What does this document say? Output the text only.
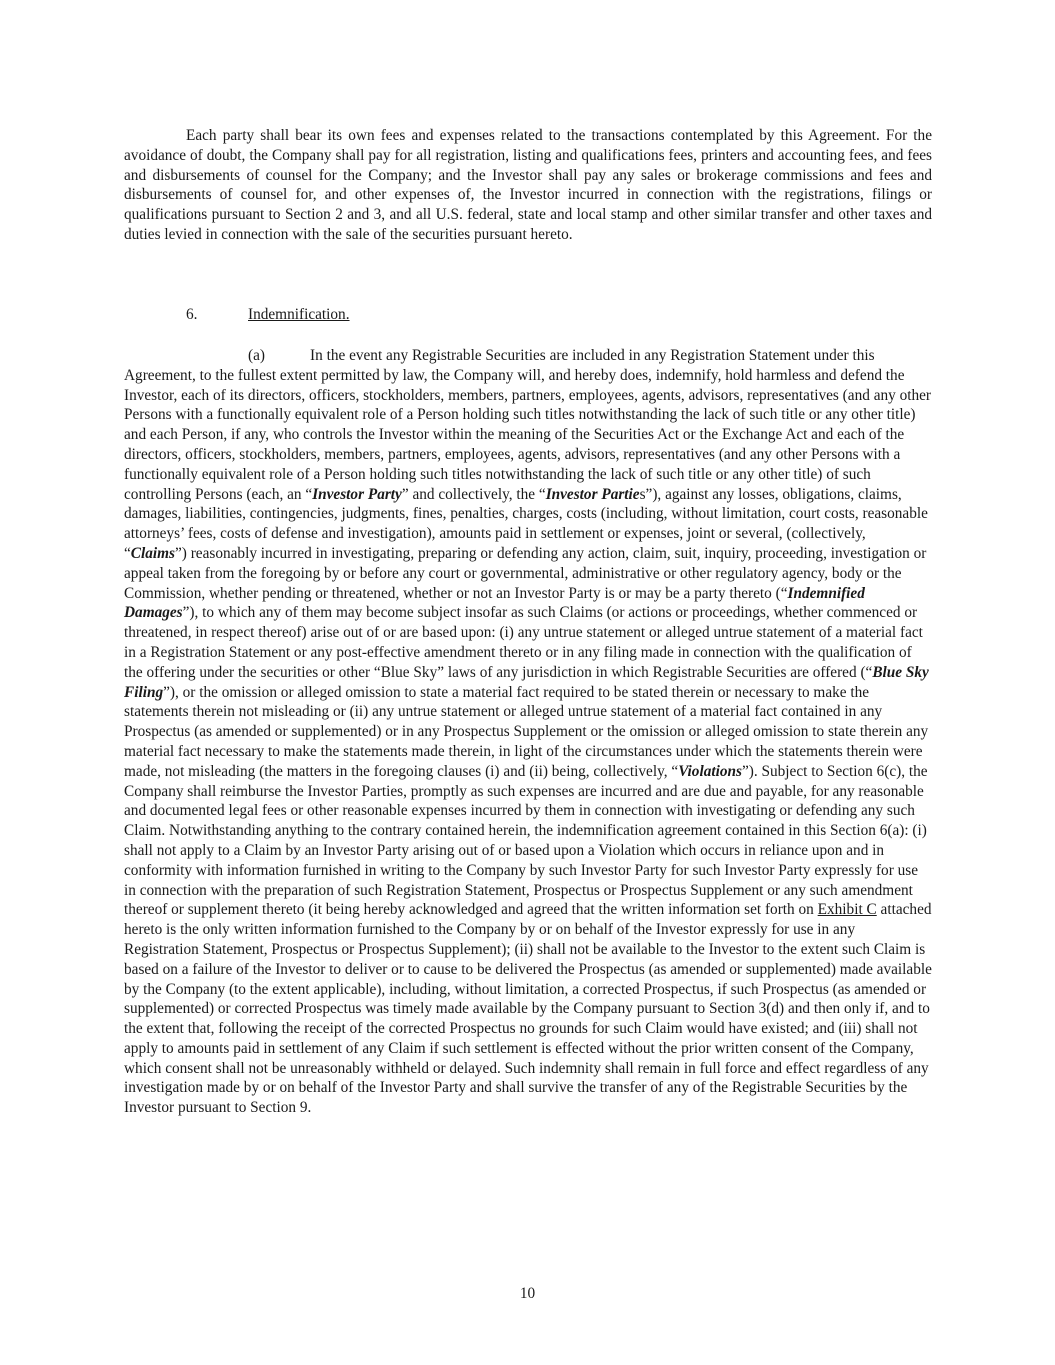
Each party shall bear its own fees and expenses related to the transactions contemplated by this Agreement. For the avoidance of doubt, the Company shall pay for all registration, listing and qualifications fees, printers and accounting fees, and fees and disbursements of counsel for the Company; and the Investor shall pay any sales or brokerage commissions and fees and disbursements of counsel for, and other expenses of, the Investor incurred in connection with the registrations, filings or qualifications pursuant to Section 2 and 3, and all U.S. federal, state and local stamp and other similar transfer and other taxes and duties levied in connection with the sale of the securities pursuant hereto.

6.	Indemnification.

(a)	In the event any Registrable Securities are included in any Registration Statement under this Agreement, to the fullest extent permitted by law, the Company will, and hereby does, indemnify, hold harmless and defend the Investor, each of its directors, officers, stockholders, members, partners, employees, agents, advisors, representatives (and any other Persons with a functionally equivalent role of a Person holding such titles notwithstanding the lack of such title or any other title) and each Person, if any, who controls the Investor within the meaning of the Securities Act or the Exchange Act and each of the directors, officers, stockholders, members, partners, employees, agents, advisors, representatives (and any other Persons with a functionally equivalent role of a Person holding such titles notwithstanding the lack of such title or any other title) of such controlling Persons (each, an “Investor Party” and collectively, the “Investor Parties”), against any losses, obligations, claims, damages, liabilities, contingencies, judgments, fines, penalties, charges, costs (including, without limitation, court costs, reasonable attorneys’ fees, costs of defense and investigation), amounts paid in settlement or expenses, joint or several, (collectively, “Claims”) reasonably incurred in investigating, preparing or defending any action, claim, suit, inquiry, proceeding, investigation or appeal taken from the foregoing by or before any court or governmental, administrative or other regulatory agency, body or the Commission, whether pending or threatened, whether or not an Investor Party is or may be a party thereto (“Indemnified Damages”), to which any of them may become subject insofar as such Claims (or actions or proceedings, whether commenced or threatened, in respect thereof) arise out of or are based upon: (i) any untrue statement or alleged untrue statement of a material fact in a Registration Statement or any post-effective amendment thereto or in any filing made in connection with the qualification of the offering under the securities or other “Blue Sky” laws of any jurisdiction in which Registrable Securities are offered (“Blue Sky Filing”), or the omission or alleged omission to state a material fact required to be stated therein or necessary to make the statements therein not misleading or (ii) any untrue statement or alleged untrue statement of a material fact contained in any Prospectus (as amended or supplemented) or in any Prospectus Supplement or the omission or alleged omission to state therein any material fact necessary to make the statements made therein, in light of the circumstances under which the statements therein were made, not misleading (the matters in the foregoing clauses (i) and (ii) being, collectively, “Violations”). Subject to Section 6(c), the Company shall reimburse the Investor Parties, promptly as such expenses are incurred and are due and payable, for any reasonable and documented legal fees or other reasonable expenses incurred by them in connection with investigating or defending any such Claim. Notwithstanding anything to the contrary contained herein, the indemnification agreement contained in this Section 6(a): (i) shall not apply to a Claim by an Investor Party arising out of or based upon a Violation which occurs in reliance upon and in conformity with information furnished in writing to the Company by such Investor Party for such Investor Party expressly for use in connection with the preparation of such Registration Statement, Prospectus or Prospectus Supplement or any such amendment thereof or supplement thereto (it being hereby acknowledged and agreed that the written information set forth on Exhibit C attached hereto is the only written information furnished to the Company by or on behalf of the Investor expressly for use in any Registration Statement, Prospectus or Prospectus Supplement); (ii) shall not be available to the Investor to the extent such Claim is based on a failure of the Investor to deliver or to cause to be delivered the Prospectus (as amended or supplemented) made available by the Company (to the extent applicable), including, without limitation, a corrected Prospectus, if such Prospectus (as amended or supplemented) or corrected Prospectus was timely made available by the Company pursuant to Section 3(d) and then only if, and to the extent that, following the receipt of the corrected Prospectus no grounds for such Claim would have existed; and (iii) shall not apply to amounts paid in settlement of any Claim if such settlement is effected without the prior written consent of the Company, which consent shall not be unreasonably withheld or delayed. Such indemnity shall remain in full force and effect regardless of any investigation made by or on behalf of the Investor Party and shall survive the transfer of any of the Registrable Securities by the Investor pursuant to Section 9.

10
